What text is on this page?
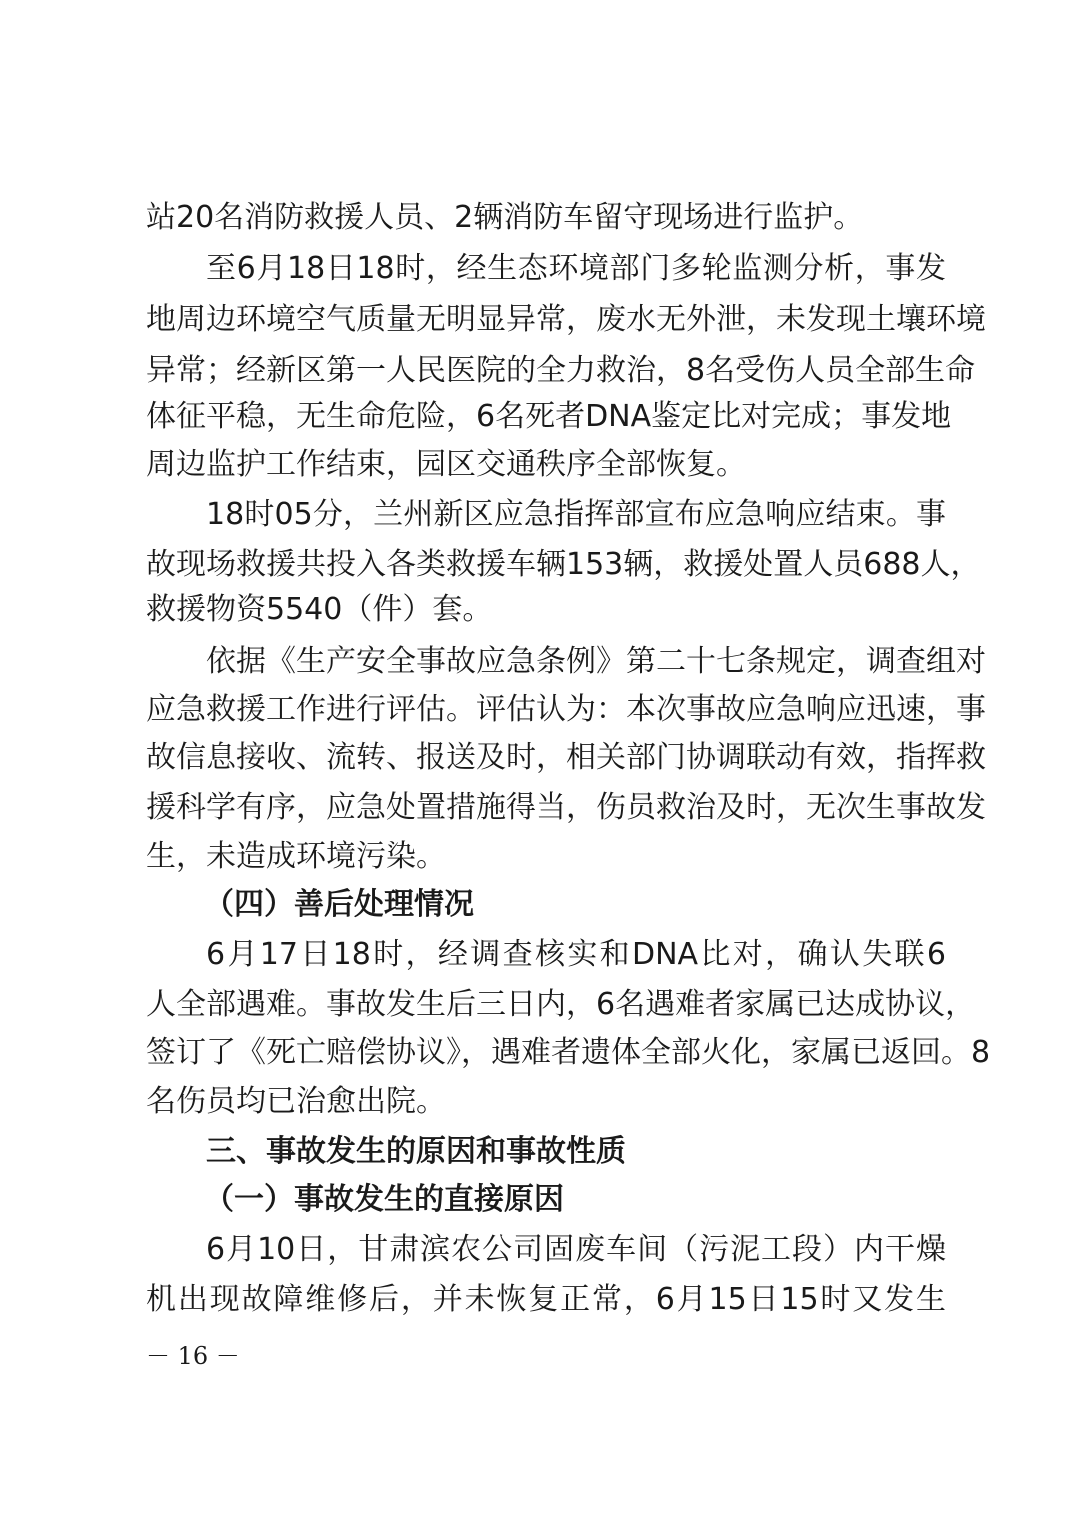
站20名消防救援人员、2辆消防车留守现场进行监护。
至6月18日18时，经生态环境部门多轮监测分析，事发
地周边环境空气质量无明显异常，废水无外泄，未发现土壤环境
异常；经新区第一人民医院的全力救治，8名受伤人员全部生命
体征平稳，无生命危险，6名死者DNA鉴定比对完成；事发地
周边监护工作结束，园区交通秩序全部恢复。
18时05分，兰州新区应急指挥部宣布应急响应结束。事
故现场救援共投入各类救援车辆153辆，救援处置人员688人，
救援物资5540（件）套。
依据《生产安全事故应急条例》第二十七条规定，调查组对
应急救援工作进行评估。评估认为：本次事故应急响应迅速，事
故信息接收、流转、报送及时，相关部门协调联动有效，指挥救
援科学有序，应急处置措施得当，伤员救治及时，无次生事故发
生，未造成环境污染。
（四）善后处理情况
6月17日18时，经调查核实和DNA比对，确认失联6
人全部遇难。事故发生后三日内，6名遇难者家属已达成协议，
签订了《死亡赔偿协议》，遇难者遗体全部火化，家属已返回。8
名伤员均已治愈出院。
三、事故发生的原因和事故性质
（一）事故发生的直接原因
6月10日，甘肃滨农公司固废车间（污泥工段）内干燥
机出现故障维修后，并未恢复正常，6月15日15时又发生
－ 16 －
